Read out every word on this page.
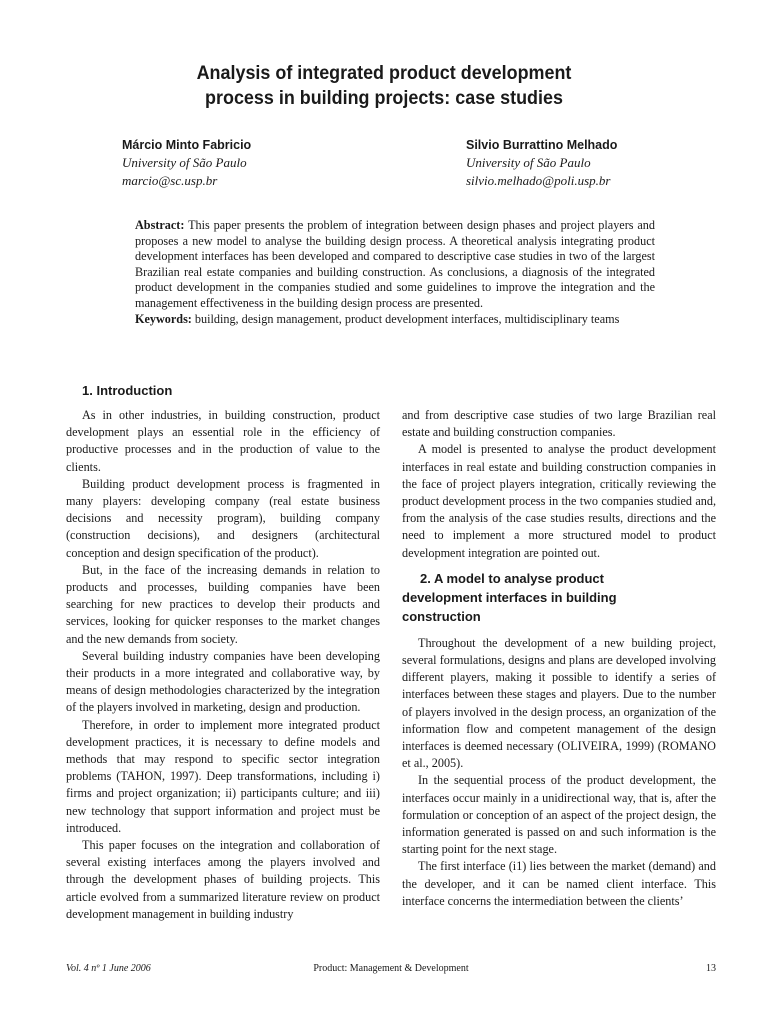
Analysis of integrated product development
process in building projects: case studies
Márcio Minto Fabricio
University of São Paulo
marcio@sc.usp.br
Silvio Burrattino Melhado
University of São Paulo
silvio.melhado@poli.usp.br

Abstract: This paper presents the problem of integration between design phases and project players and proposes a new model to analyse the building design process. A theoretical analysis integrating product development interfaces has been developed and compared to descriptive case studies in two of the largest Brazilian real estate companies and building construction. As conclusions, a diagnosis of the integrated product development in the companies studied and some guidelines to improve the integration and the management effectiveness in the building design process are presented.

Keywords: building, design management, product development interfaces, multidisciplinary teams

1. Introduction

As in other industries, in building construction, product development plays an essential role in the efficiency of productive processes and in the production of value to the clients.

Building product development process is fragmented in many players: developing company (real estate business decisions and necessity program), building company (construction decisions), and designers (architectural conception and design specification of the product).

But, in the face of the increasing demands in relation to products and processes, building companies have been searching for new practices to develop their products and services, looking for quicker responses to the market changes and the new demands from society.

Several building industry companies have been developing their products in a more integrated and collaborative way, by means of design methodologies characterized by the integration of the players involved in marketing, design and production.

Therefore, in order to implement more integrated product development practices, it is necessary to define models and methods that may respond to specific sector integration problems (TAHON, 1997). Deep transformations, including i) firms and project organization; ii) participants culture; and iii) new technology that support information and project must be introduced.

This paper focuses on the integration and collaboration of several existing interfaces among the players involved and through the development phases of building projects. This article evolved from a summarized literature review on product development management in building industry

and from descriptive case studies of two large Brazilian real estate and building construction companies.

A model is presented to analyse the product development interfaces in real estate and building construction companies in the face of project players integration, critically reviewing the product development process in the two companies studied and, from the analysis of the case studies results, directions and the need to implement a more structured model to product development integration are pointed out.

2. A model to analyse product
development interfaces in building
construction

Throughout the development of a new building project, several formulations, designs and plans are developed involving different players, making it possible to identify a series of interfaces between these stages and players. Due to the number of players involved in the design process, an organization of the information flow and competent management of the design interfaces is deemed necessary (OLIVEIRA, 1999) (ROMANO et al., 2005).

In the sequential process of the product development, the interfaces occur mainly in a unidirectional way, that is, after the formulation or conception of an aspect of the project design, the information generated is passed on and such information is the starting point for the next stage.

The first interface (i1) lies between the market (demand) and the developer, and it can be named client interface. This interface concerns the intermediation between the clients’

Vol. 4 nº 1 June 2006	Product: Management & Development	13
